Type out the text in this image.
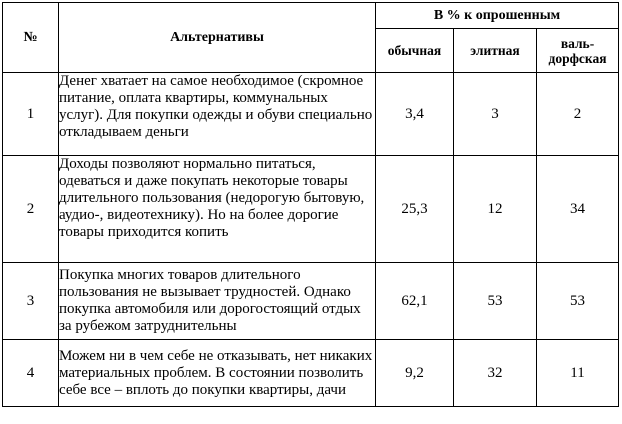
№	Альтернативы	В % к опрошенным		
		обычная	элитная	валь-дорфская
1	Денег хватает на самое необходимое (скромное питание, оплата квартиры, коммунальных услуг). Для покупки одежды и обуви специально откладываем деньги	3,4	3	2
2	Доходы позволяют нормально питаться, одеваться и даже покупать некоторые товары длительного пользования (недорогую бытовую, аудио-, видеотехнику). Но на более дорогие товары приходится копить	25,3	12	34
3	Покупка многих товаров длительного пользования не вызывает трудностей. Однако покупка автомобиля или дорогостоящий отдых за рубежом затруднительны	62,1	53	53
4	Можем ни в чем себе не отказывать, нет никаких материальных проблем. В состоянии позволить себе все – вплоть до покупки квартиры, дачи	9,2	32	11
